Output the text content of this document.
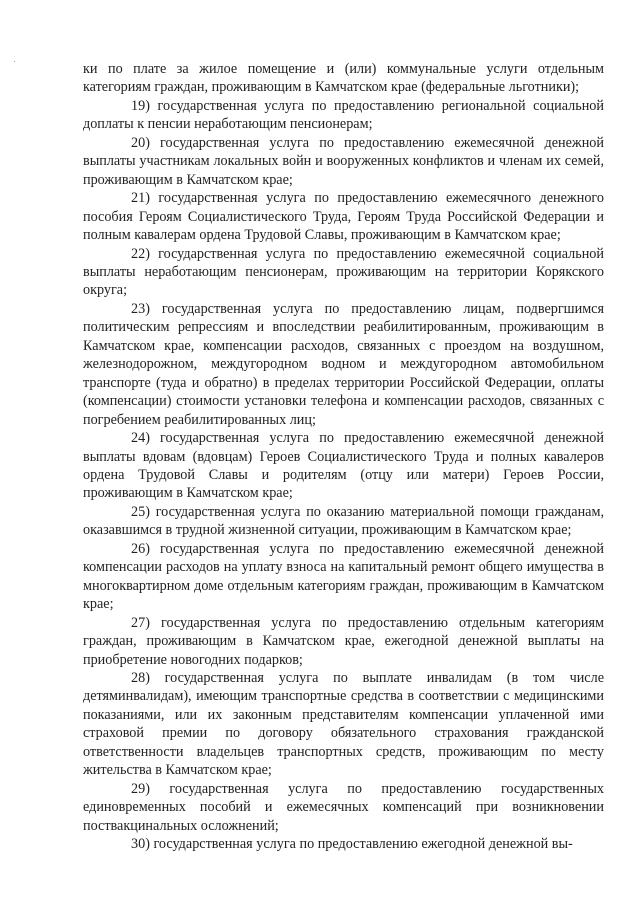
ки по плате за жилое помещение и (или) коммунальные услуги отдельным категориям граждан, проживающим в Камчатском крае (федеральные льготники);

19) государственная услуга по предоставлению региональной социальной доплаты к пенсии неработающим пенсионерам;

20) государственная услуга по предоставлению ежемесячной денежной выплаты участникам локальных войн и вооруженных конфликтов и членам их семей, проживающим в Камчатском крае;

21) государственная услуга по предоставлению ежемесячного денежного пособия Героям Социалистического Труда, Героям Труда Российской Федерации и полным кавалерам ордена Трудовой Славы, проживающим в Камчатском крае;

22) государственная услуга по предоставлению ежемесячной социальной выплаты неработающим пенсионерам, проживающим на территории Корякского округа;

23) государственная услуга по предоставлению лицам, подвергшимся политическим репрессиям и впоследствии реабилитированным, проживающим в Камчатском крае, компенсации расходов, связанных с проездом на воздушном, железнодорожном, междугородном водном и междугородном автомобильном транспорте (туда и обратно) в пределах территории Российской Федерации, оплаты (компенсации) стоимости установки телефона и компенсации расходов, связанных с погребением реабилитированных лиц;

24) государственная услуга по предоставлению ежемесячной денежной выплаты вдовам (вдовцам) Героев Социалистического Труда и полных кавалеров ордена Трудовой Славы и родителям (отцу или матери) Героев России, проживающим в Камчатском крае;

25) государственная услуга по оказанию материальной помощи гражданам, оказавшимся в трудной жизненной ситуации, проживающим в Камчатском крае;

26) государственная услуга по предоставлению ежемесячной денежной компенсации расходов на уплату взноса на капитальный ремонт общего имущества в многоквартирном доме отдельным категориям граждан, проживающим в Камчатском крае;

27) государственная услуга по предоставлению отдельным категориям граждан, проживающим в Камчатском крае, ежегодной денежной выплаты на приобретение новогодних подарков;

28) государственная услуга по выплате инвалидам (в том числе детяминвалидам), имеющим транспортные средства в соответствии с медицинскими показаниями, или их законным представителям компенсации уплаченной ими страховой премии по договору обязательного страхования гражданской ответственности владельцев транспортных средств, проживающим по месту жительства в Камчатском крае;

29) государственная услуга по предоставлению государственных единовременных пособий и ежемесячных компенсаций при возникновении поствакцинальных осложнений;

30) государственная услуга по предоставлению ежегодной денежной вы-
